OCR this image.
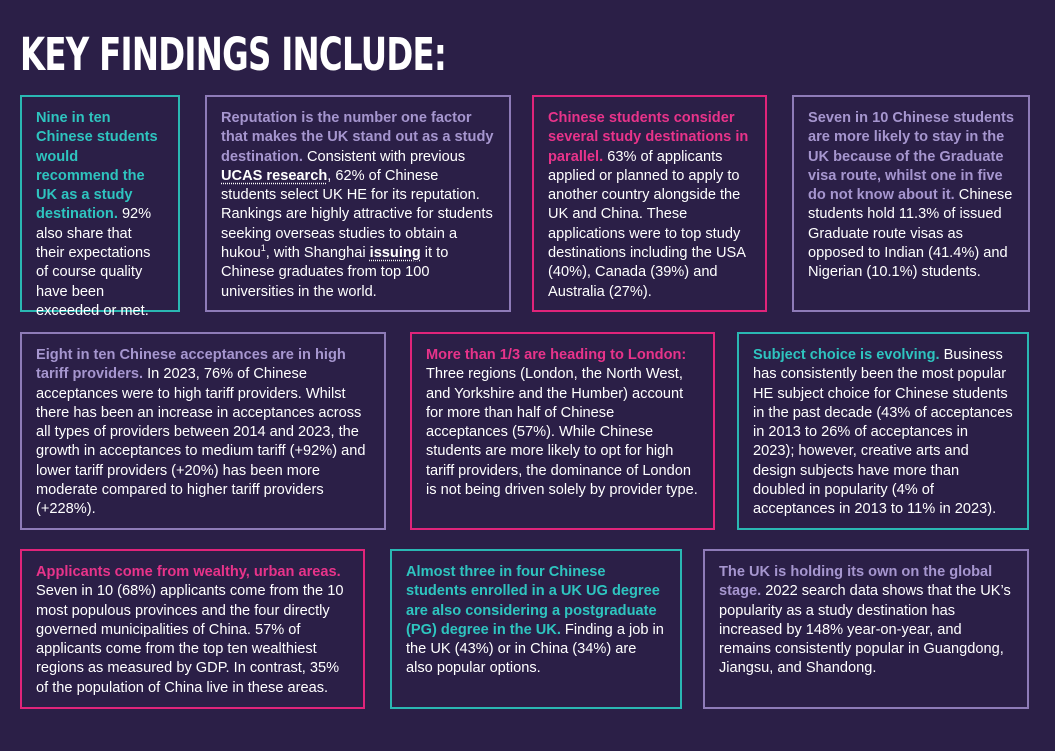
KEY FINDINGS INCLUDE:
Nine in ten Chinese students would recommend the UK as a study destination. 92% also share that their expectations of course quality have been exceeded or met.
Reputation is the number one factor that makes the UK stand out as a study destination. Consistent with previous UCAS research, 62% of Chinese students select UK HE for its reputation. Rankings are highly attractive for students seeking overseas studies to obtain a hukou$^1$, with Shanghai issuing it to Chinese graduates from top 100 universities in the world.
Chinese students consider several study destinations in parallel. 63% of applicants applied or planned to apply to another country alongside the UK and China. These applications were to top study destinations including the USA (40%), Canada (39%) and Australia (27%).
Seven in 10 Chinese students are more likely to stay in the UK because of the Graduate visa route, whilst one in five do not know about it. Chinese students hold 11.3% of issued Graduate route visas as opposed to Indian (41.4%) and Nigerian (10.1%) students.
Eight in ten Chinese acceptances are in high tariff providers. In 2023, 76% of Chinese acceptances were to high tariff providers. Whilst there has been an increase in acceptances across all types of providers between 2014 and 2023, the growth in acceptances to medium tariff (+92%) and lower tariff providers (+20%) has been more moderate compared to higher tariff providers (+228%).
More than 1/3 are heading to London: Three regions (London, the North West, and Yorkshire and the Humber) account for more than half of Chinese acceptances (57%). While Chinese students are more likely to opt for high tariff providers, the dominance of London is not being driven solely by provider type.
Subject choice is evolving. Business has consistently been the most popular HE subject choice for Chinese students in the past decade (43% of acceptances in 2013 to 26% of acceptances in 2023); however, creative arts and design subjects have more than doubled in popularity (4% of acceptances in 2013 to 11% in 2023).
Applicants come from wealthy, urban areas. Seven in 10 (68%) applicants come from the 10 most populous provinces and the four directly governed municipalities of China. 57% of applicants come from the top ten wealthiest regions as measured by GDP. In contrast, 35% of the population of China live in these areas.
Almost three in four Chinese students enrolled in a UK UG degree are also considering a postgraduate (PG) degree in the UK. Finding a job in the UK (43%) or in China (34%) are also popular options.
The UK is holding its own on the global stage. 2022 search data shows that the UK’s popularity as a study destination has increased by 148% year-on-year, and remains consistently popular in Guangdong, Jiangsu, and Shandong.
